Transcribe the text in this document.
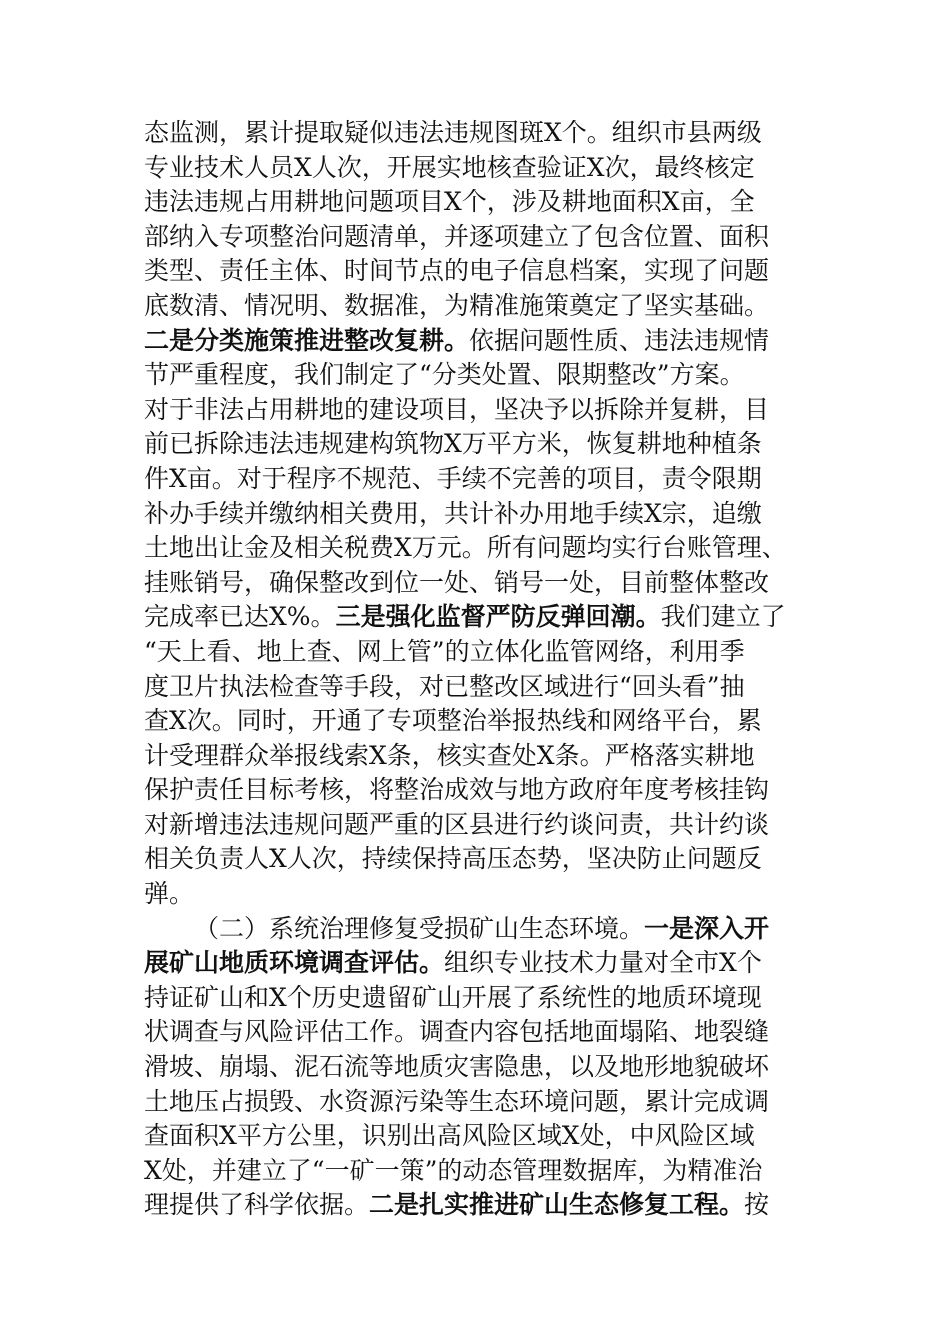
态监测，累计提取疑似违法违规图斑X个。组织市县两级
专业技术人员X人次，开展实地核查验证X次，最终核定
违法违规占用耕地问题项目X个，涉及耕地面积X亩，全
部纳入专项整治问题清单，并逐项建立了包含位置、面积
类型、责任主体、时间节点的电子信息档案，实现了问题
底数清、情况明、数据准，为精准施策奠定了坚实基础。
二是分类施策推进整改复耕。依据问题性质、违法违规情
节严重程度，我们制定了“分类处置、限期整改”方案。
对于非法占用耕地的建设项目，坚决予以拆除并复耕，目
前已拆除违法违规建构筑物X万平方米，恢复耕地种植条
件X亩。对于程序不规范、手续不完善的项目，责令限期
补办手续并缴纳相关费用，共计补办用地手续X宗，追缴
土地出让金及相关税费X万元。所有问题均实行台账管理、
挂账销号，确保整改到位一处、销号一处，目前整体整改
完成率已达X%。三是强化监督严防反弹回潮。我们建立了
“天上看、地上查、网上管”的立体化监管网络，利用季
度卫片执法检查等手段，对已整改区域进行“回头看”抽
查X次。同时，开通了专项整治举报热线和网络平台，累
计受理群众举报线索X条，核实查处X条。严格落实耕地
保护责任目标考核，将整治成效与地方政府年度考核挂钩
对新增违法违规问题严重的区县进行约谈问责，共计约谈
相关负责人X人次，持续保持高压态势，坚决防止问题反
弹。
（二）系统治理修复受损矿山生态环境。一是深入开
展矿山地质环境调查评估。组织专业技术力量对全市X个
持证矿山和X个历史遗留矿山开展了系统性的地质环境现
状调查与风险评估工作。调查内容包括地面塌陷、地裂缝
滑坡、崩塌、泥石流等地质灾害隐患，以及地形地貌破坏
土地压占损毁、水资源污染等生态环境问题，累计完成调
查面积X平方公里，识别出高风险区域X处，中风险区域
X处，并建立了“一矿一策”的动态管理数据库，为精准治
理提供了科学依据。二是扎实推进矿山生态修复工程。按
